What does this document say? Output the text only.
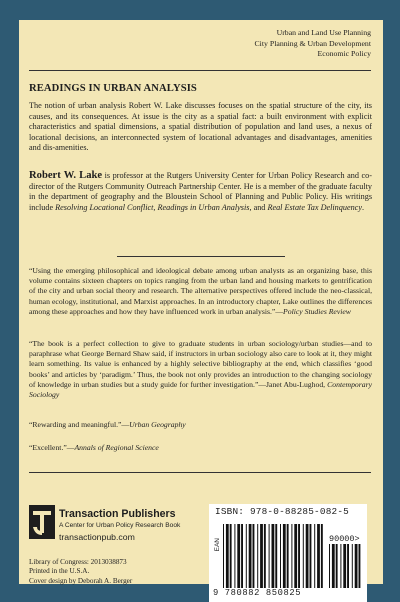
Urban and Land Use Planning
City Planning & Urban Development
Economic Policy
READINGS IN URBAN ANALYSIS
The notion of urban analysis Robert W. Lake discusses focuses on the spatial structure of the city, its causes, and its consequences. At issue is the city as a spatial fact: a built environment with explicit characteristics and spatial dimensions, a spatial distribution of population and land uses, a nexus of locational decisions, an interconnected system of locational advantages and disadvantages, amenities and dis-amenities.
Robert W. Lake is professor at the Rutgers University Center for Urban Policy Research and co-director of the Rutgers Community Outreach Partnership Center. He is a member of the graduate faculty in the department of geography and the Bloustein School of Planning and Public Policy. His writings include Resolving Locational Conflict, Readings in Urban Analysis, and Real Estate Tax Delinquency.
“Using the emerging philosophical and ideological debate among urban analysts as an organizing base, this volume contains sixteen chapters on topics ranging from the urban land and housing markets to gentrification of the city and urban social theory and research. The alternative perspectives offered include the neo-classical, human ecology, institutional, and Marxist approaches. In an introductory chapter, Lake outlines the differences among these approaches and how they have influenced work in urban analysis.”—Policy Studies Review
“The book is a perfect collection to give to graduate students in urban sociology/urban studies—and to paraphrase what George Bernard Shaw said, if instructors in urban sociology also care to look at it, they might learn something. Its value is enhanced by a highly selective bibliography at the end, which classifies ‘good books’ and articles by ‘paradigm.’ Thus, the book not only provides an introduction to the changing sociology of knowledge in urban studies but a study guide for further investigation.”—Janet Abu-Lughod, Contemporary Sociology
“Rewarding and meaningful.”—Urban Geography
“Excellent.”—Annals of Regional Science
Transaction Publishers
A Center for Urban Policy Research Book
transactionpub.com
Library of Congress: 2013038873
Printed in the U.S.A.
Cover design by Deborah A. Berger
ISBN: 978-0-88285-082-5
EAN	90000>
9 780882 850825
